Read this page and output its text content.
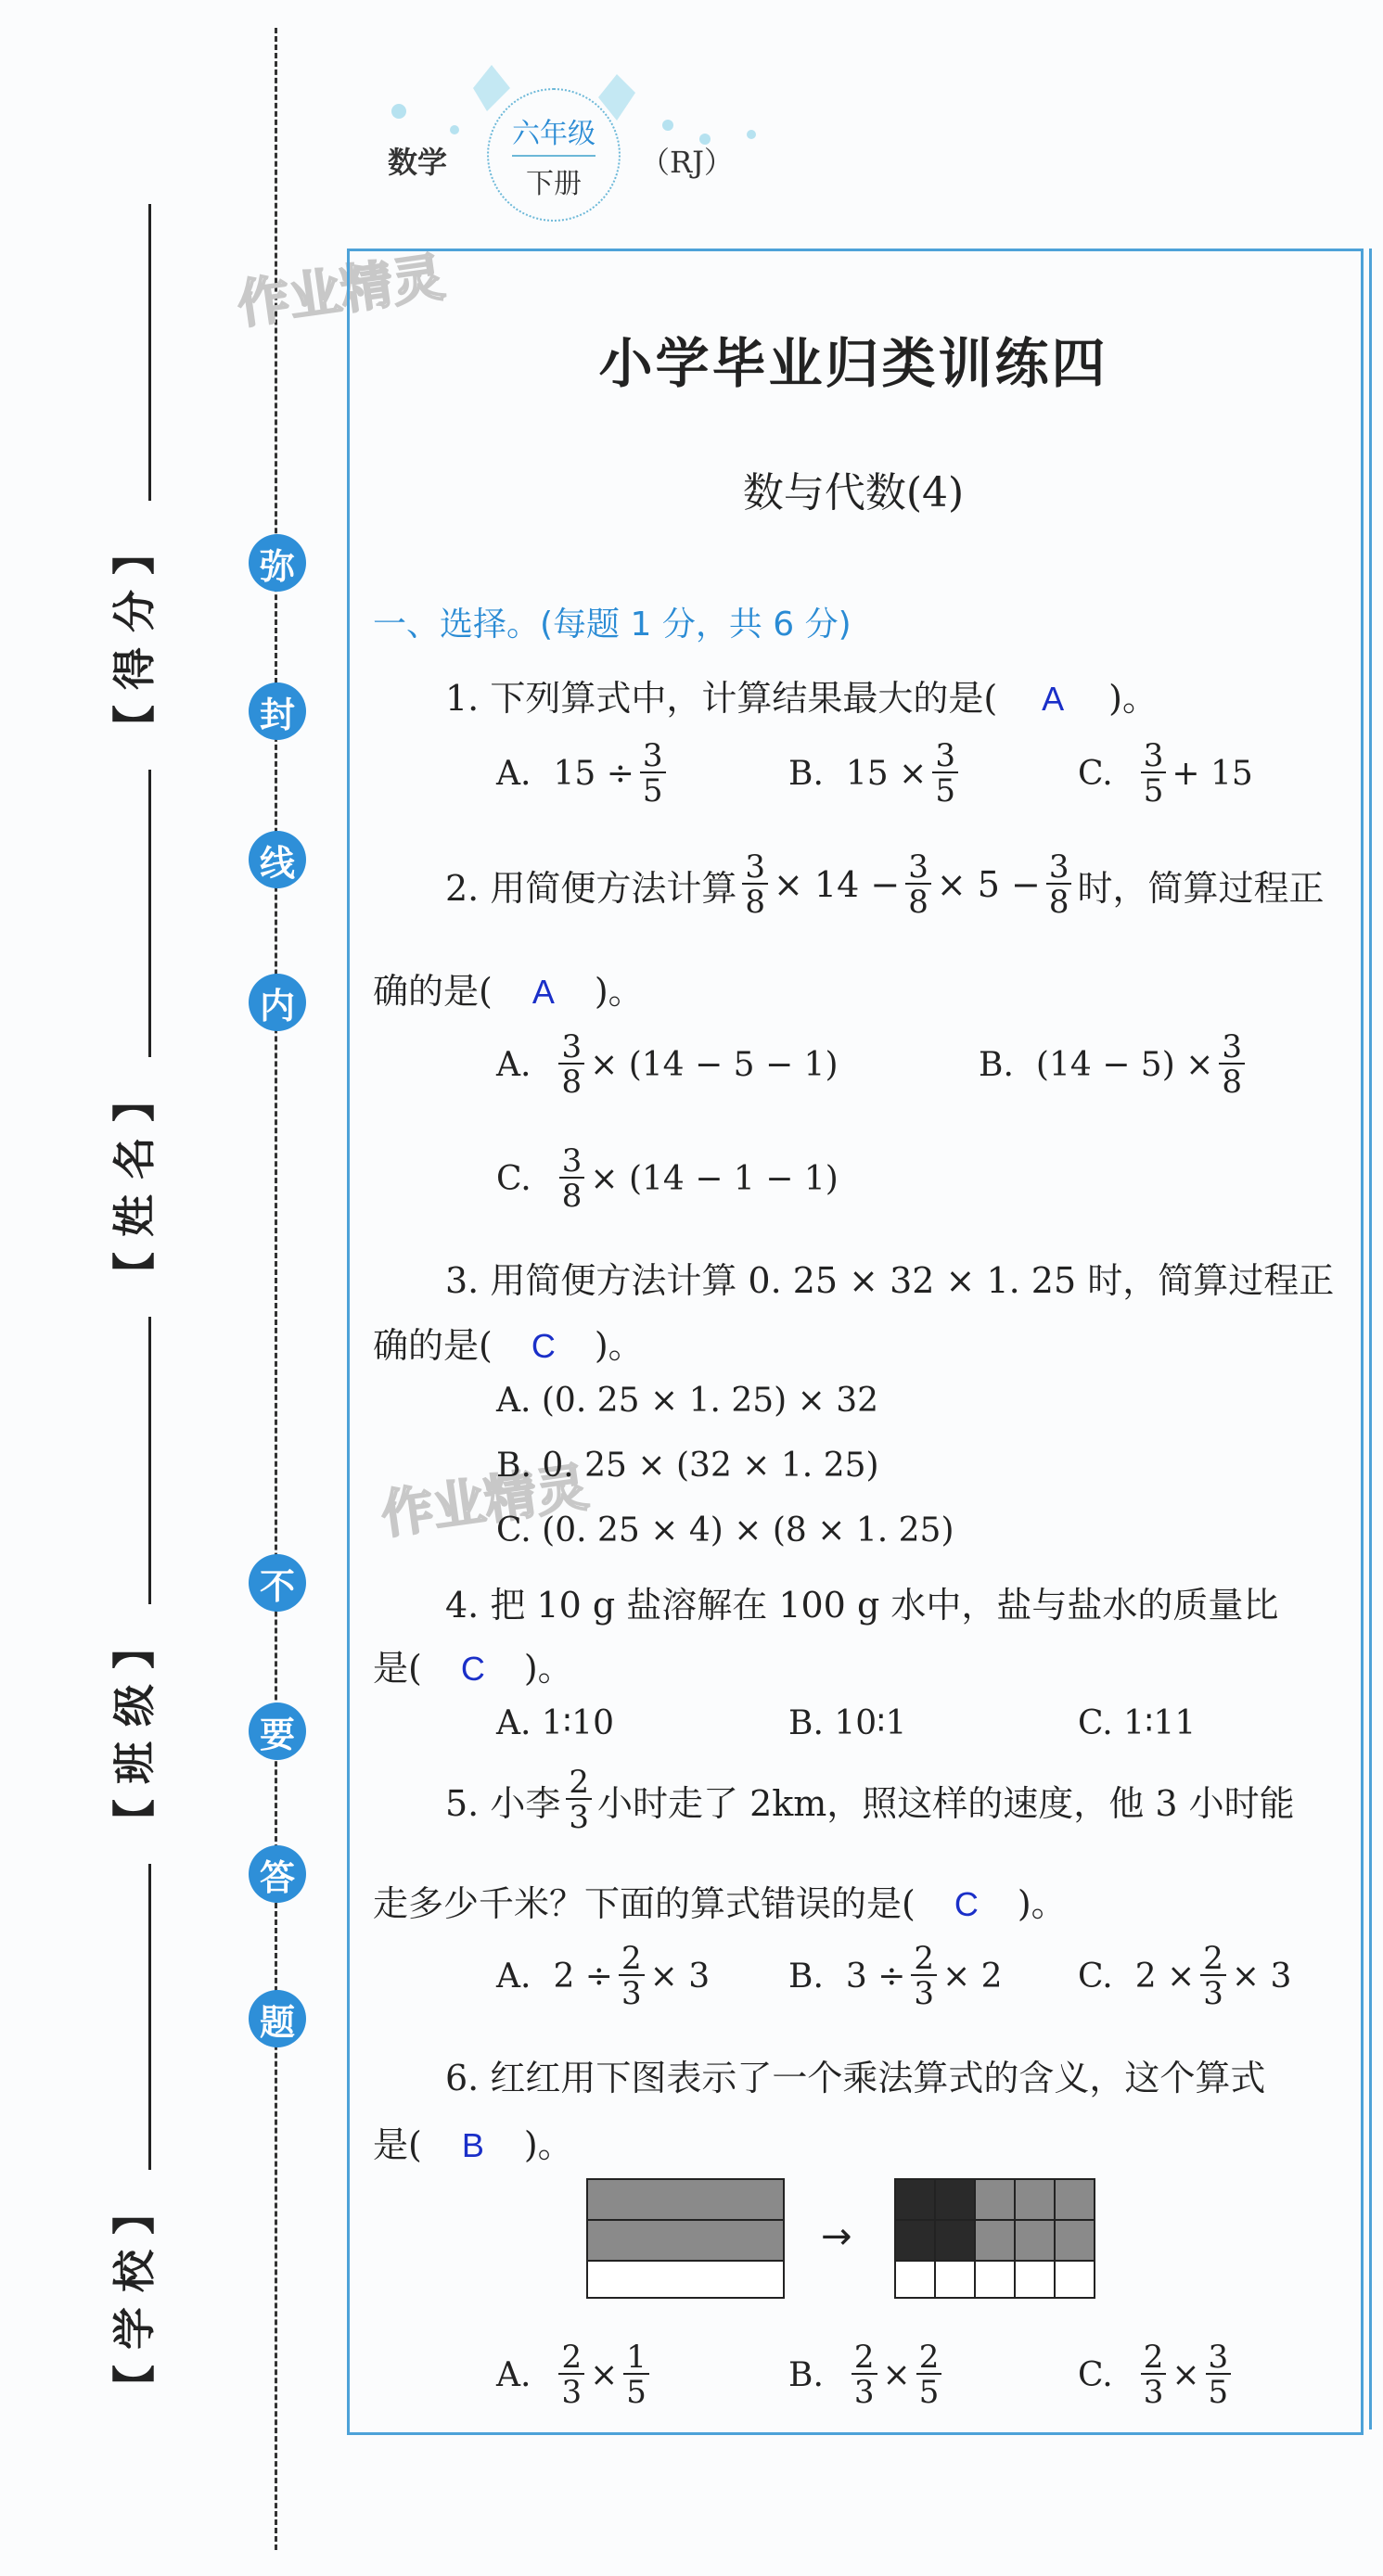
弥
封
线
内
不
要
答
题
【 得 分 】
【 姓 名 】
【 班 级 】
【 学 校 】
数学
六年级
下册
（RJ）
作业精灵
作业精灵
小学毕业归类训练四
数与代数(4)
一、选择。(每题 1 分，共 6 分)
1. 下列算式中，计算结果最大的是( A )。
A. $15 \div \frac{3}{5}$	B. $15 \times \frac{3}{5}$	C. $\frac{3}{5} + 15$
2. 用简便方法计算 $\frac{3}{8} \times 14 - \frac{3}{8} \times 5 - \frac{3}{8}$ 时，简算过程正
确的是( A )。
A. $\frac{3}{8} \times (14 - 5 - 1)$	B. $(14 - 5) \times \frac{3}{8}$
C. $\frac{3}{8} \times (14 - 1 - 1)$
3. 用简便方法计算 0. 25 × 32 × 1. 25 时，简算过程正
确的是( C )。
A. (0. 25 × 1. 25) × 32
B. 0. 25 × (32 × 1. 25)
C. (0. 25 × 4) × (8 × 1. 25)
4. 把 10 g 盐溶解在 100 g 水中，盐与盐水的质量比
是( C )。
A. 1∶10	B. 10∶1	C. 1∶11
5. 小李 $\frac{2}{3}$ 小时走了 2km，照这样的速度，他 3 小时能
走多少千米？下面的算式错误的是( C )。
A. $2 \div \frac{2}{3} \times 3$ B. $3 \div \frac{2}{3} \times 2$ C. $2 \times \frac{2}{3} \times 3$
6. 红红用下图表示了一个乘法算式的含义，这个算式
是( B )。
→
A. $\frac{2}{3} \times \frac{1}{5}$	B. $\frac{2}{3} \times \frac{2}{5}$	C. $\frac{2}{3} \times \frac{3}{5}$
